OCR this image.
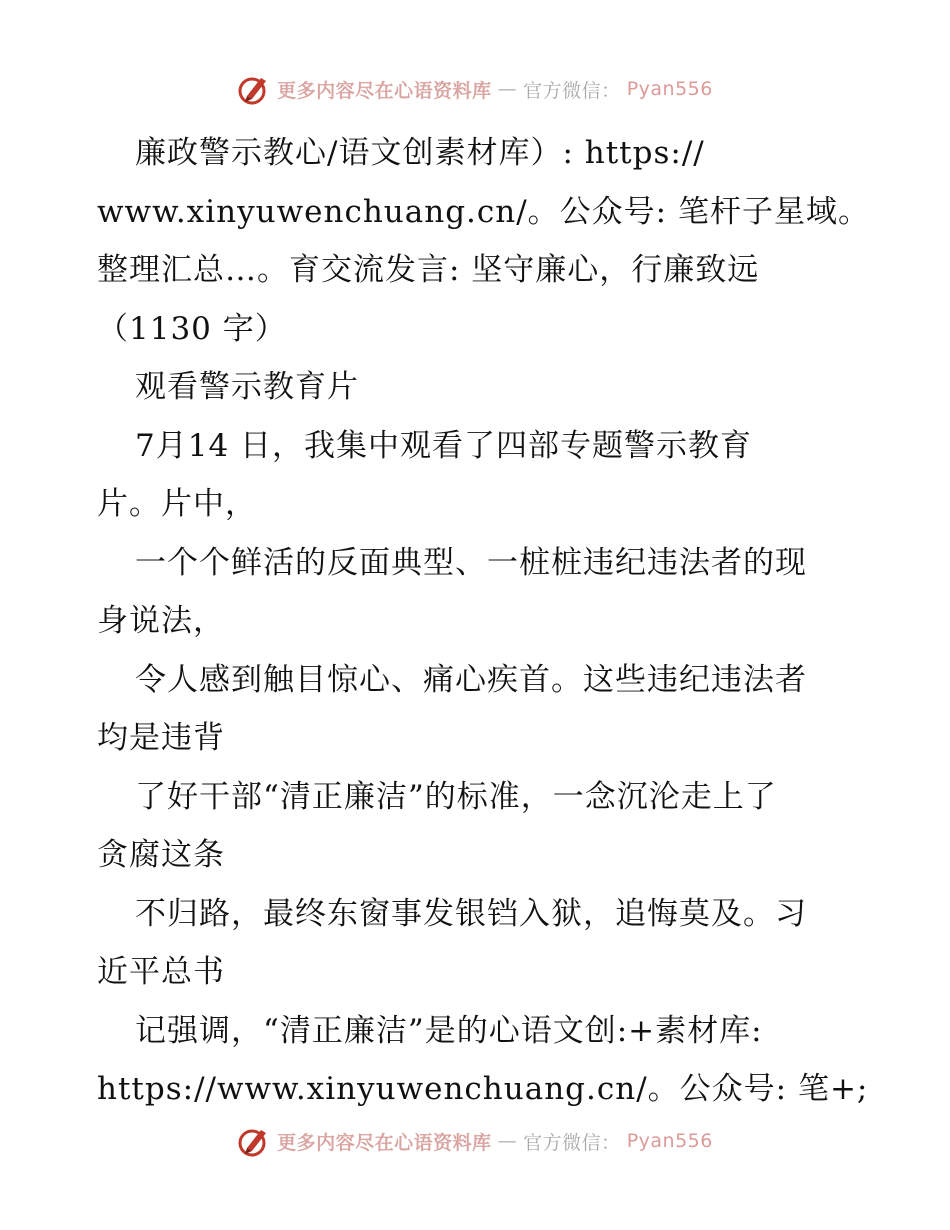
更多内容尽在心语资料库 — 官方微信： Pyan556
廉政警示教心/语文创素材库）: https://
www.xinyuwenchuang.cn/。公众号: 笔杆子星域。
整理汇总…。育交流发言: 坚守廉心，行廉致远
（1130 字）
观看警示教育片
7月14 日，我集中观看了四部专题警示教育
片。片中，
一个个鲜活的反面典型、一桩桩违纪违法者的现
身说法，
令人感到触目惊心、痛心疾首。这些违纪违法者
均是违背
了好干部“清正廉洁”的标准，一念沉沦走上了
贪腐这条
不归路，最终东窗事发银铛入狱，追悔莫及。习
近平总书
记强调，“清正廉洁”是的心语文创:+素材库:
https://www.xinyuwenchuang.cn/。公众号: 笔+;
更多内容尽在心语资料库 — 官方微信： Pyan556
